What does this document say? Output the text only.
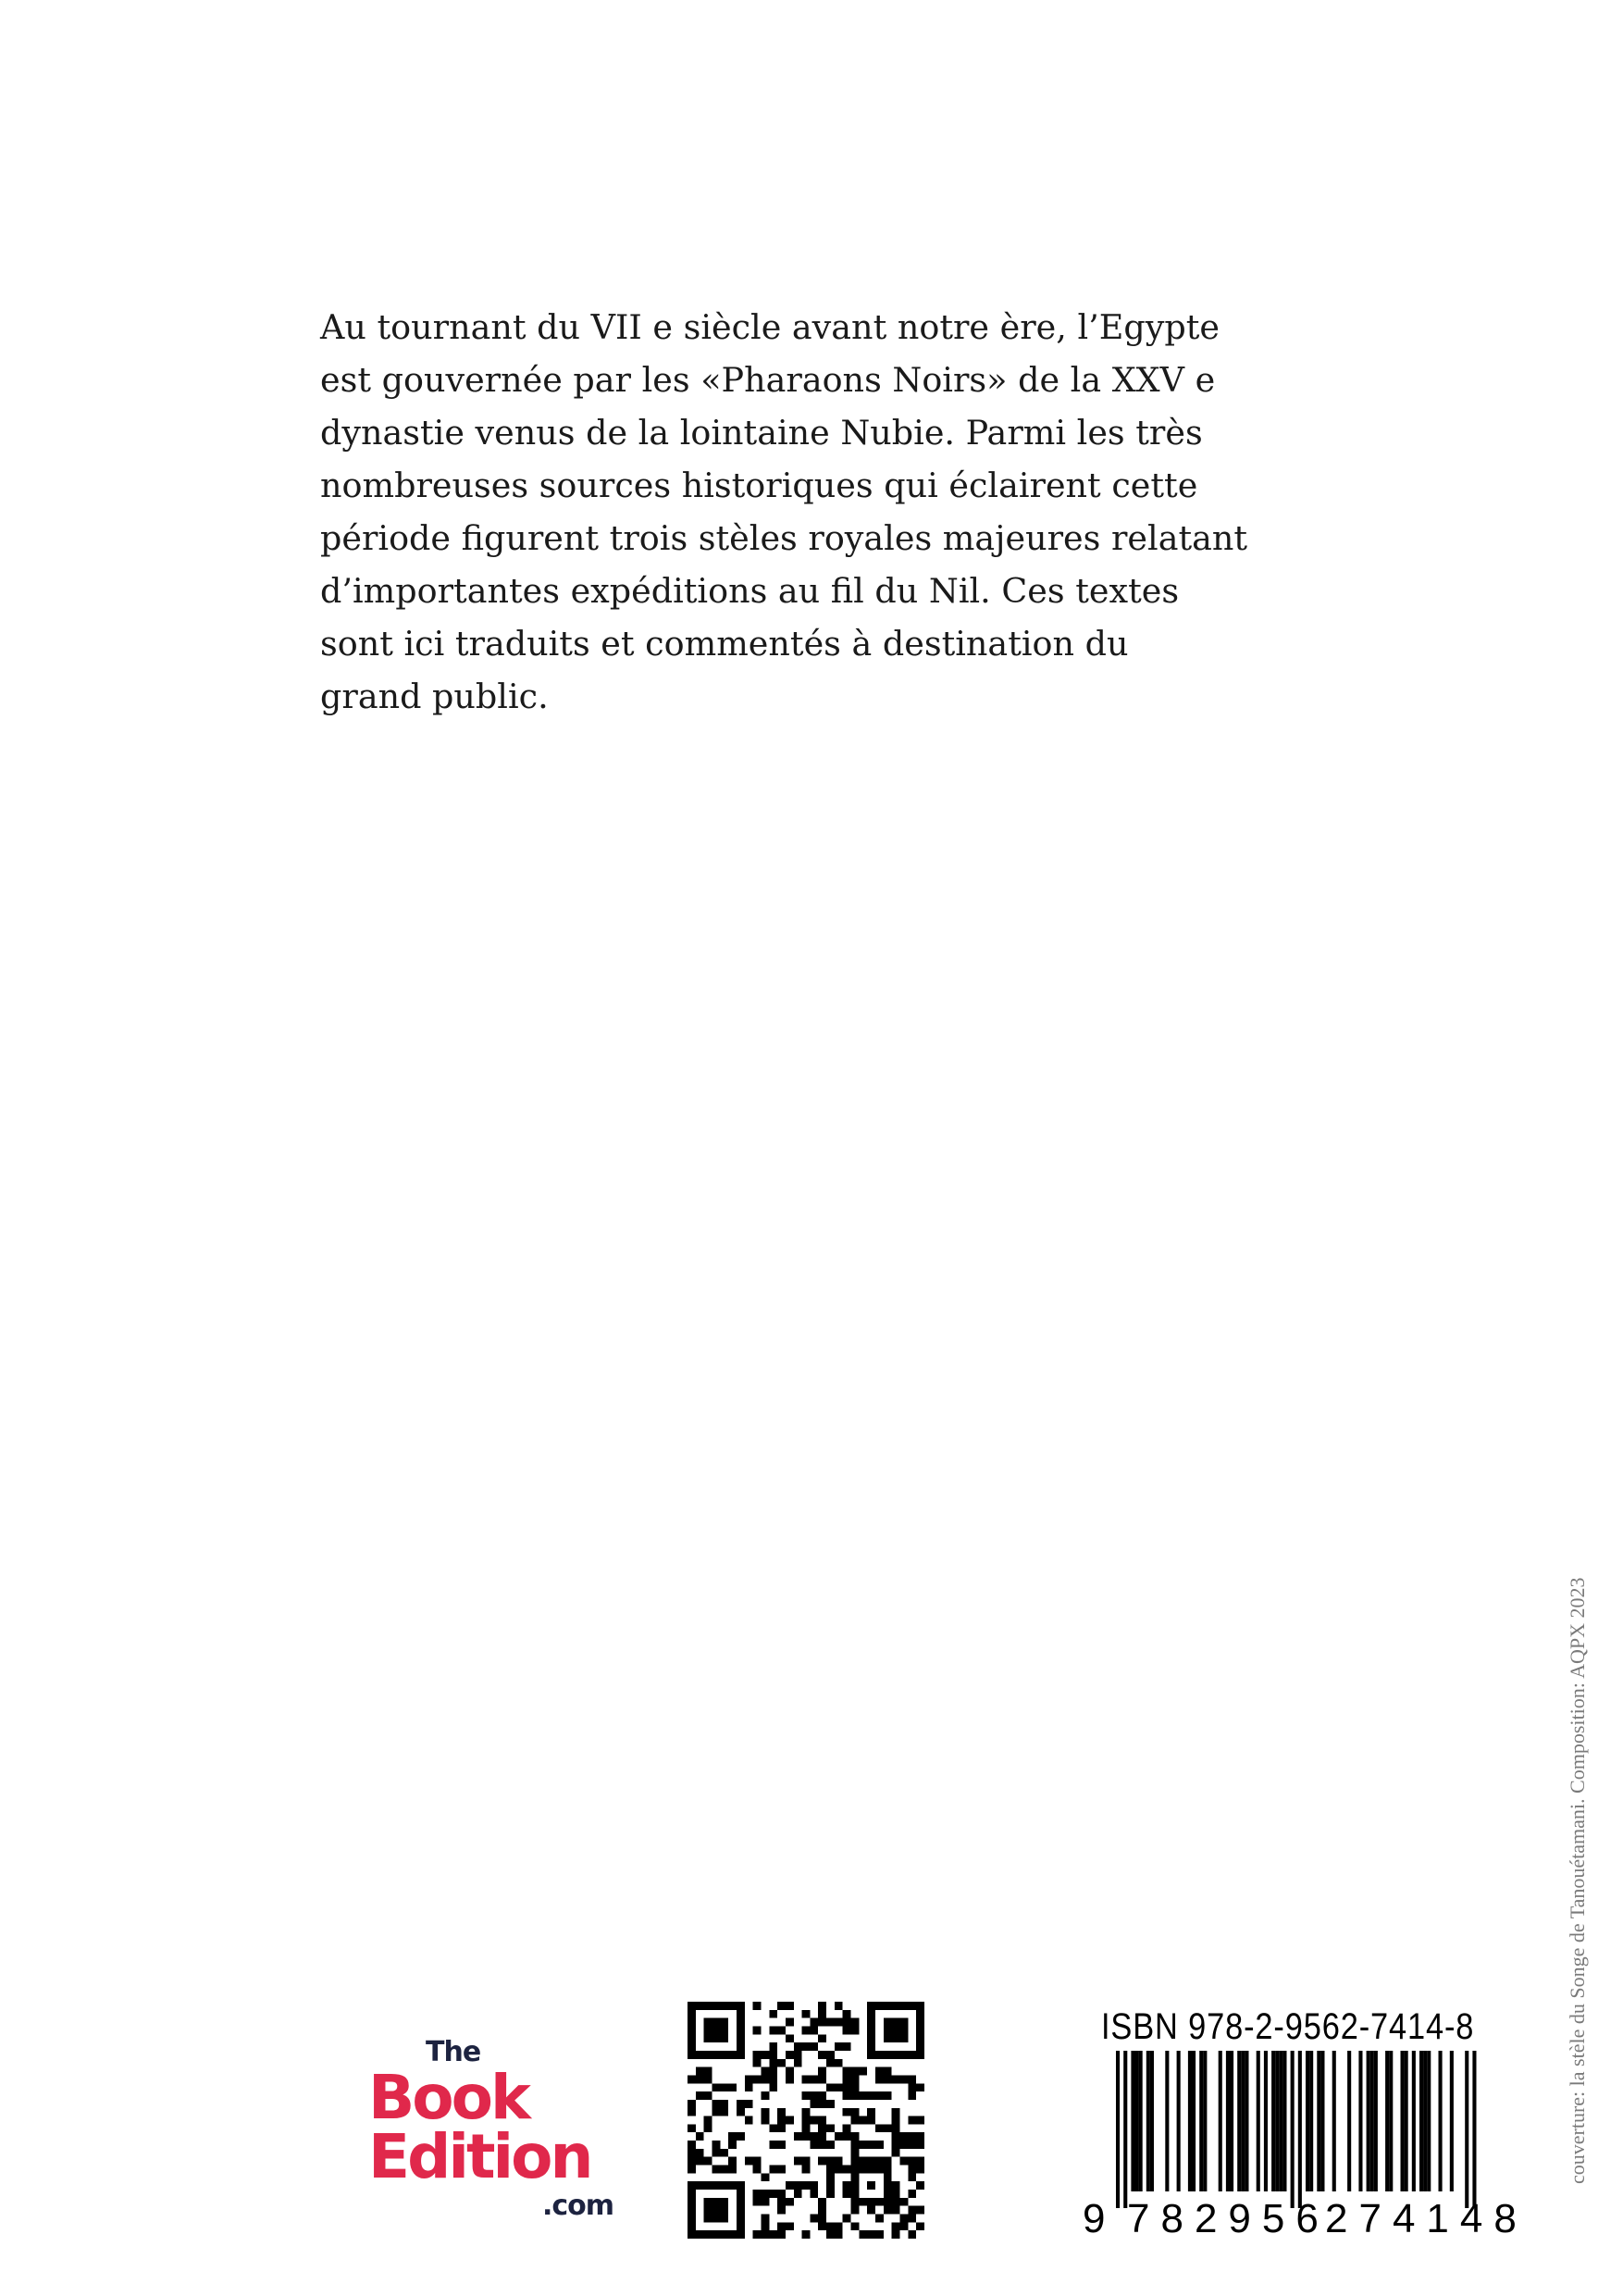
Au tournant du VII e siècle avant notre ère, l’Egypte
est gouvernée par les «Pharaons Noirs» de la XXV e
dynastie venus de la lointaine Nubie. Parmi les très
nombreuses sources historiques qui éclairent cette
période figurent trois stèles royales majeures relatant
d’importantes expéditions au fil du Nil. Ces textes
sont ici traduits et commentés à destination du
grand public.
couverture: la stèle du Songe de Tanouétamani. Composition: AQPX 2023
The
Book
Edition
.com
ISBN 978-2-9562-7414-8
9 782956
274148
